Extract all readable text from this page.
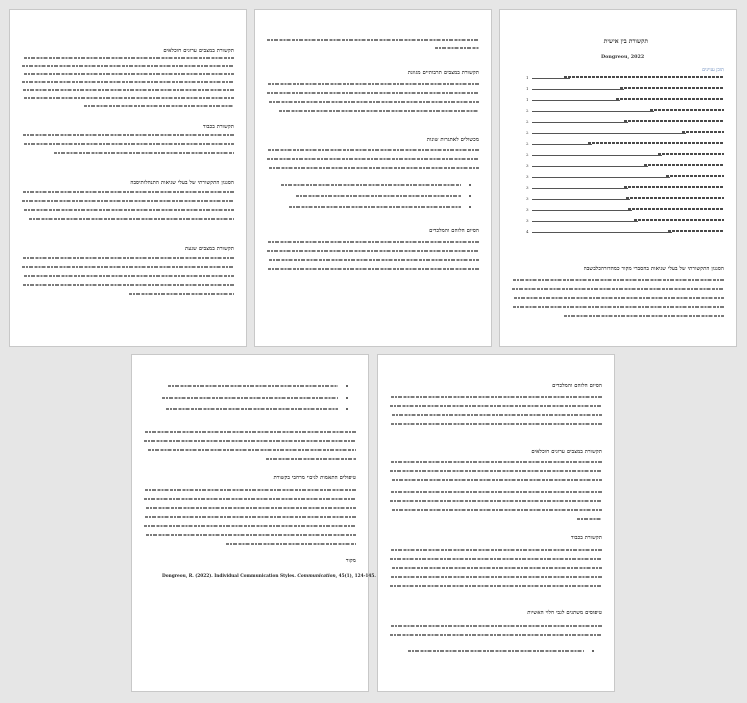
תקשורת במצבים ערוגים חוכלאים
תקשורת בכבוד
הסגנון התקשורתי של בעלי שגיאות התנהלותיסבה
תקשורת במצבים שגעת
תקשורת במצבים תרבותיים מגוונת
מכשולים לאתגרות שונות
הסיום הלוהם והמלכדים
תקשורת בין אישית
Dongreou, 2022
תוכן עניינים
1
1
1
2
2
2
2
2
3
3
3
3
3
3
4
הסגנון התקשורתי של בעלי שגיאות בהסברי מקור כמהדורהכלבשבה
טיפולים התאמות לגיבוי מרחבי בקשורת
מקור
Dongreou, R. (2022). Individual Communication Styles. Communication, 45(1), 124-145.
הסיום הלוהם והמלכדים
תקשורת במצבים ערוגים חוכלאים
תקשורת בכבוד
טיפוסים משתנים לגבי חלוי האשיות
